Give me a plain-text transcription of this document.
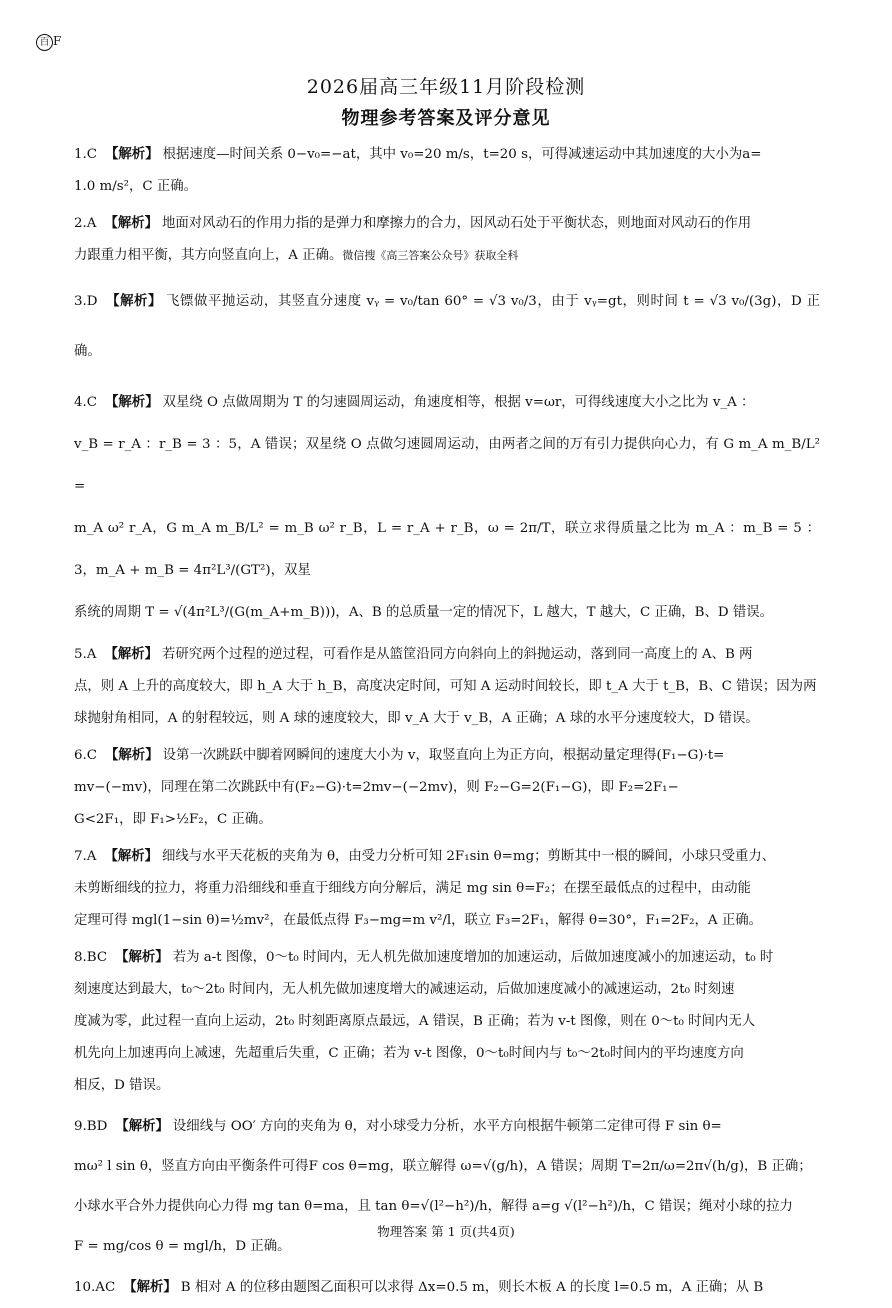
百 F
2026届高三年级11月阶段检测
物理参考答案及评分意见

1.C 【解析】 根据速度—时间关系 0−v₀=−at，其中 v₀=20 m/s，t=20 s，可得减速运动中其加速度的大小为a=

1.0 m/s²，C 正确。

2.A 【解析】 地面对风动石的作用力指的是弹力和摩擦力的合力，因风动石处于平衡状态，则地面对风动石的作用

力跟重力相平衡，其方向竖直向上，A 正确。微信搜《高三答案公众号》获取全科

3.D 【解析】 飞镖做平抛运动，其竖直分速度 vᵧ = v₀/tan 60° = √3 v₀/3，由于 vᵧ=gt，则时间 t = √3 v₀/(3g)，D 正确。

4.C 【解析】 双星绕 O 点做周期为 T 的匀速圆周运动，角速度相等，根据 v=ωr，可得线速度大小之比为 v_A ：

v_B = r_A ：r_B = 3 ：5，A 错误；双星绕 O 点做匀速圆周运动，由两者之间的万有引力提供向心力，有 G m_A m_B/L² =

m_A ω² r_A，G m_A m_B/L² = m_B ω² r_B，L = r_A + r_B，ω = 2π/T，联立求得质量之比为 m_A ：m_B = 5 ：3，m_A + m_B = 4π²L³/(GT²)，双星

系统的周期 T = √(4π²L³/(G(m_A+m_B)))，A、B 的总质量一定的情况下，L 越大，T 越大，C 正确，B、D 错误。

5.A 【解析】 若研究两个过程的逆过程，可看作是从篮筐沿同方向斜向上的斜抛运动，落到同一高度上的 A、B 两

点，则 A 上升的高度较大，即 h_A 大于 h_B，高度决定时间，可知 A 运动时间较长，即 t_A 大于 t_B，B、C 错误；因为两

球抛射角相同，A 的射程较远，则 A 球的速度较大，即 v_A 大于 v_B，A 正确；A 球的水平分速度较大，D 错误。

6.C 【解析】 设第一次跳跃中脚着网瞬间的速度大小为 v，取竖直向上为正方向，根据动量定理得(F₁−G)·t=

mv−(−mv)，同理在第二次跳跃中有(F₂−G)·t=2mv−(−2mv)，则 F₂−G=2(F₁−G)，即 F₂=2F₁−

G<2F₁，即 F₁>½F₂，C 正确。

7.A 【解析】 细线与水平天花板的夹角为 θ，由受力分析可知 2F₁sin θ=mg；剪断其中一根的瞬间，小球只受重力、

未剪断细线的拉力，将重力沿细线和垂直于细线方向分解后，满足 mg sin θ=F₂；在摆至最低点的过程中，由动能

定理可得 mgl(1−sin θ)=½mv²，在最低点得 F₃−mg=m v²/l，联立 F₃=2F₁，解得 θ=30°，F₁=2F₂，A 正确。

8.BC 【解析】 若为 a-t 图像，0～t₀ 时间内，无人机先做加速度增加的加速运动，后做加速度减小的加速运动，t₀ 时

刻速度达到最大，t₀～2t₀ 时间内，无人机先做加速度增大的减速运动，后做加速度减小的减速运动，2t₀ 时刻速

度减为零，此过程一直向上运动，2t₀ 时刻距离原点最远，A 错误，B 正确；若为 v-t 图像，则在 0～t₀ 时间内无人

机先向上加速再向上减速，先超重后失重，C 正确；若为 v-t 图像，0～t₀时间内与 t₀～2t₀时间内的平均速度方向

相反，D 错误。

9.BD 【解析】 设细线与 OO′ 方向的夹角为 θ，对小球受力分析，水平方向根据牛顿第二定律可得 F sin θ=

mω² l sin θ，竖直方向由平衡条件可得F cos θ=mg，联立解得 ω=√(g/h)，A 错误；周期 T=2π/ω=2π√(h/g)，B 正确；

小球水平合外力提供向心力得 mg tan θ=ma，且 tan θ=√(l²−h²)/h，解得 a=g √(l²−h²)/h，C 错误；绳对小球的拉力

F = mg/cos θ = mgl/h，D 正确。

10.AC 【解析】 B 相对 A 的位移由题图乙面积可以求得 Δx=0.5 m，则长木板 A 的长度 l=0.5 m，A 正确；从 B

物理答案 第 1 页(共4页)
